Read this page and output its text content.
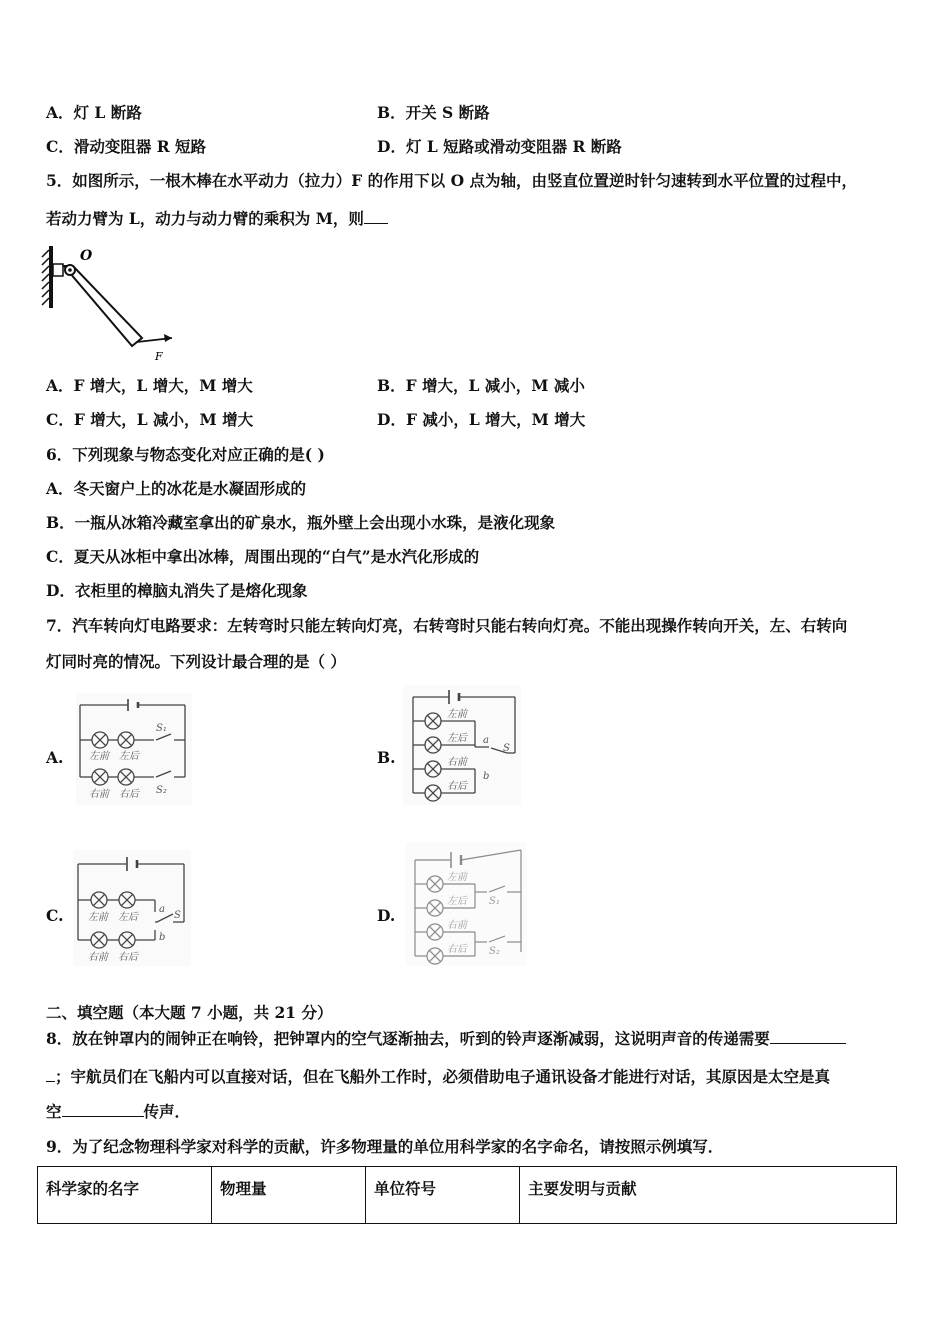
A．灯 L 断路	B．开关 S 断路
C．滑动变阻器 R 短路	D．灯 L 短路或滑动变阻器 R 断路
5．如图所示，一根木棒在水平动力（拉力）F 的作用下以 O 点为轴，由竖直位置逆时针匀速转到水平位置的过程中，
若动力臂为 L，动力与动力臂的乘积为 M，则
O
F
A．F 增大，L 增大，M 增大	B．F 增大，L 减小，M 减小
C．F 增大，L 减小，M 增大	D．F 减小，L 增大，M 增大
6．下列现象与物态变化对应正确的是( )
A．冬天窗户上的冰花是水凝固形成的
B．一瓶从冰箱冷藏室拿出的矿泉水，瓶外壁上会出现小水珠，是液化现象
C．夏天从冰柜中拿出冰棒，周围出现的“白气”是水汽化形成的
D．衣柜里的樟脑丸消失了是熔化现象
7．汽车转向灯电路要求：左转弯时只能左转向灯亮，右转弯时只能右转向灯亮。不能出现操作转向开关，左、右转向
灯同时亮的情况。下列设计最合理的是（ ）
A.	B.
C.	D.
左前 左后
右前 右后
S₁
S₂
左前
左后
右前
右后
a
b
S
左前 左后
右前 右后
a
b
S
左前
左后
右前
右后
S₁
S₂
二、填空题（本大题 7 小题，共 21 分）
8．放在钟罩内的闹钟正在响铃，把钟罩内的空气逐渐抽去，听到的铃声逐渐减弱，这说明声音的传递需要
；宇航员们在飞船内可以直接对话，但在飞船外工作时，必须借助电子通讯设备才能进行对话，其原因是太空是真
空	传声．
9．为了纪念物理科学家对科学的贡献，许多物理量的单位用科学家的名字命名，请按照示例填写．
科学家的名字	物理量	单位符号	主要发明与贡献
